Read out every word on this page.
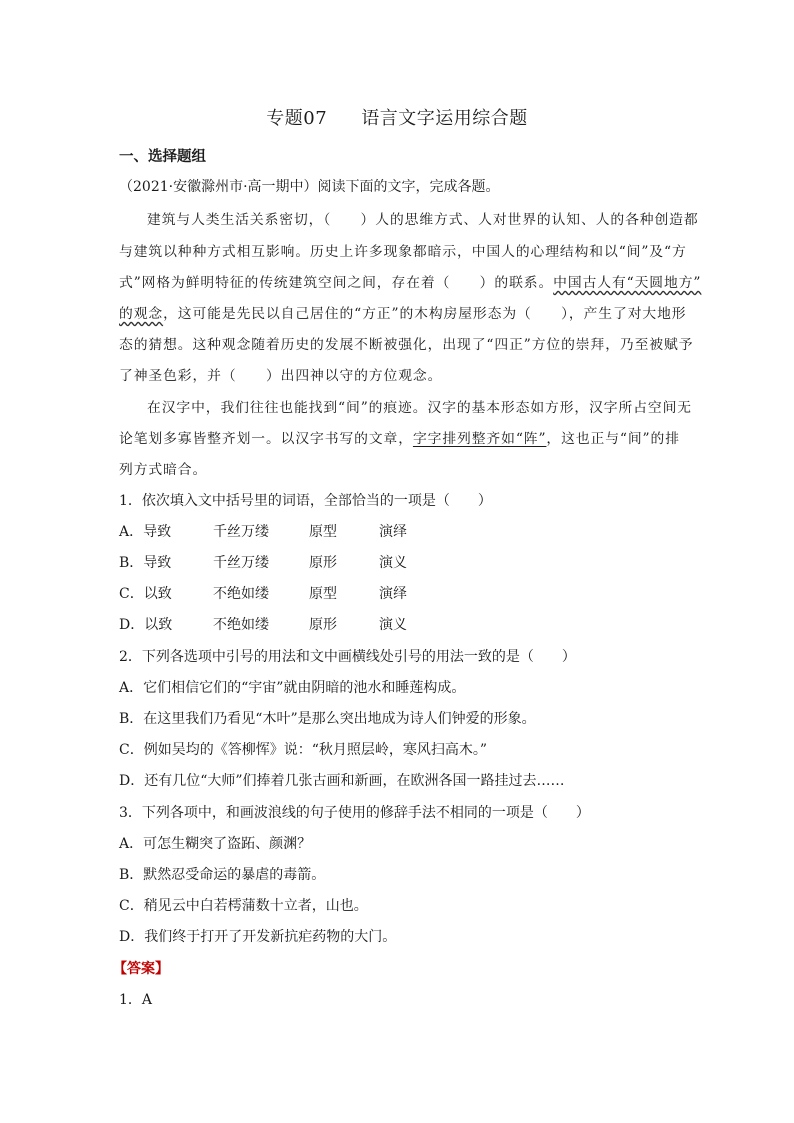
专题07 语言文字运用综合题
一、选择题组
（2021·安徽滁州市·高一期中）阅读下面的文字，完成各题。
建筑与人类生活关系密切，（　　）人的思维方式、人对世界的认知、人的各种创造都
与建筑以种种方式相互影响。历史上许多现象都暗示，中国人的心理结构和以“间”及“方
式”网格为鲜明特征的传统建筑空间之间，存在着（　　）的联系。中国古人有“天圆地方”
的观念，这可能是先民以自己居住的“方正”的木构房屋形态为（　　），产生了对大地形
态的猜想。这种观念随着历史的发展不断被强化，出现了“四正”方位的崇拜，乃至被赋予
了神圣色彩，并（　　）出四神以守的方位观念。
在汉字中，我们往往也能找到“间”的痕迹。汉字的基本形态如方形，汉字所占空间无
论笔划多寡皆整齐划一。以汉字书写的文章，字字排列整齐如“阵”，这也正与“间”的排
列方式暗合。
1．依次填入文中括号里的词语，全部恰当的一项是（　　）
A．导致	千丝万缕	原型	演绎
B．导致	千丝万缕	原形	演义
C．以致	不绝如缕	原型	演绎
D．以致	不绝如缕	原形	演义
2．下列各选项中引号的用法和文中画横线处引号的用法一致的是（　　）
A．它们相信它们的“宇宙”就由阴暗的池水和睡莲构成。
B．在这里我们乃看见“木叶”是那么突出地成为诗人们钟爱的形象。
C．例如吴均的《答柳恽》说：“秋月照层岭，寒风扫高木。”
D．还有几位“大师”们捧着几张古画和新画，在欧洲各国一路挂过去……
3．下列各项中，和画波浪线的句子使用的修辞手法不相同的一项是（　　）
A．可怎生糊突了盗跖、颜渊？
B．默然忍受命运的暴虐的毒箭。
C．稍见云中白若樗蒲数十立者，山也。
D．我们终于打开了开发新抗疟药物的大门。
【答案】
1．A
